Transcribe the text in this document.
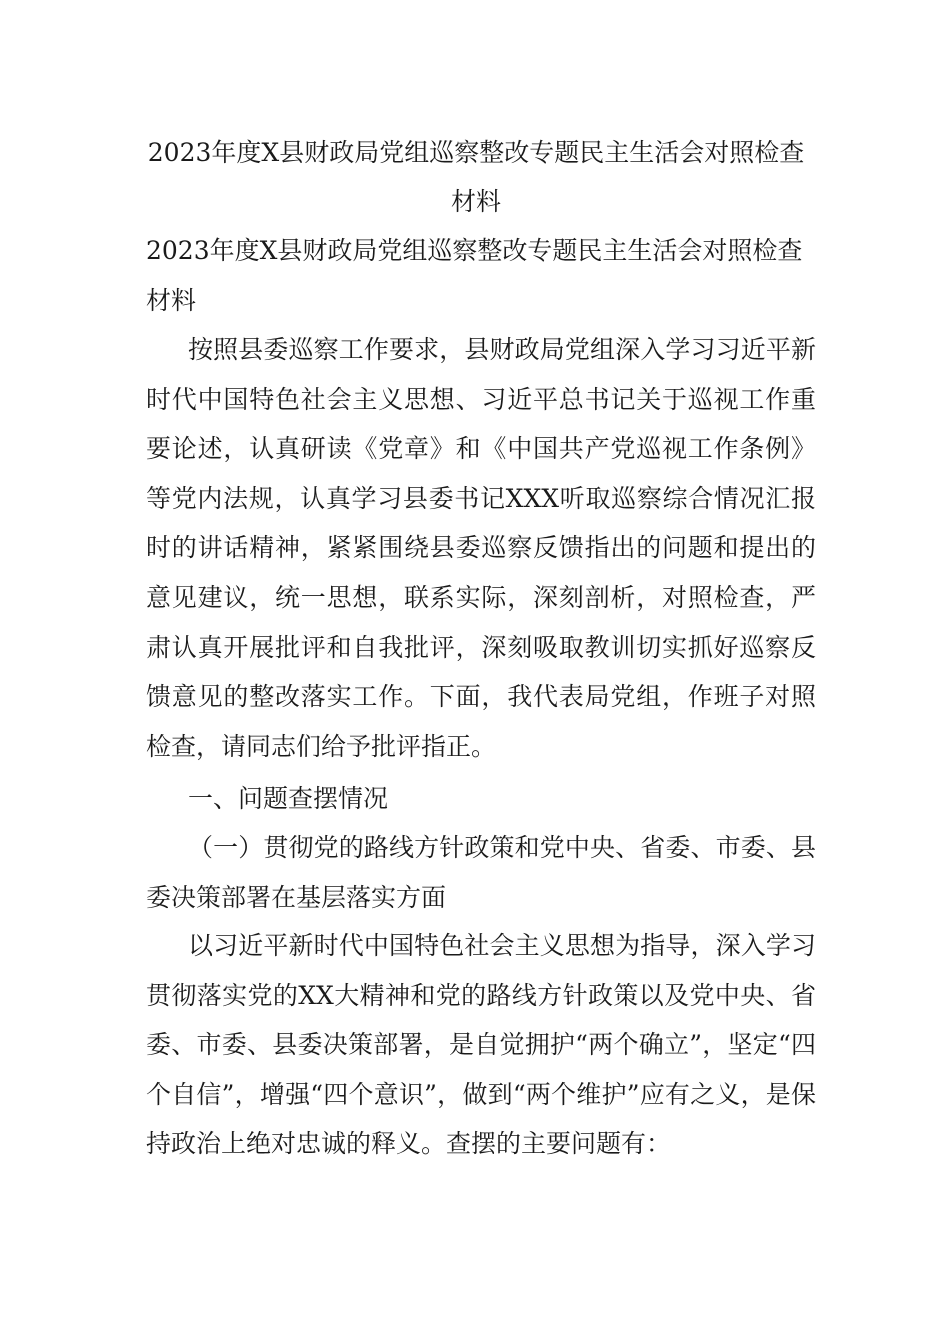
2023年度X县财政局党组巡察整改专题民主生活会对照检查材料
2023年度X县财政局党组巡察整改专题民主生活会对照检查材料
按照县委巡察工作要求，县财政局党组深入学习习近平新时代中国特色社会主义思想、习近平总书记关于巡视工作重要论述，认真研读《党章》和《中国共产党巡视工作条例》等党内法规，认真学习县委书记XXX听取巡察综合情况汇报时的讲话精神，紧紧围绕县委巡察反馈指出的问题和提出的意见建议，统一思想，联系实际，深刻剖析，对照检查，严肃认真开展批评和自我批评，深刻吸取教训切实抓好巡察反馈意见的整改落实工作。下面，我代表局党组，作班子对照检查，请同志们给予批评指正。
一、问题查摆情况
（一）贯彻党的路线方针政策和党中央、省委、市委、县委决策部署在基层落实方面
以习近平新时代中国特色社会主义思想为指导，深入学习贯彻落实党的XX大精神和党的路线方针政策以及党中央、省委、市委、县委决策部署，是自觉拥护“两个确立”，坚定“四个自信”，增强“四个意识”，做到“两个维护”应有之义，是保持政治上绝对忠诚的释义。查摆的主要问题有：
